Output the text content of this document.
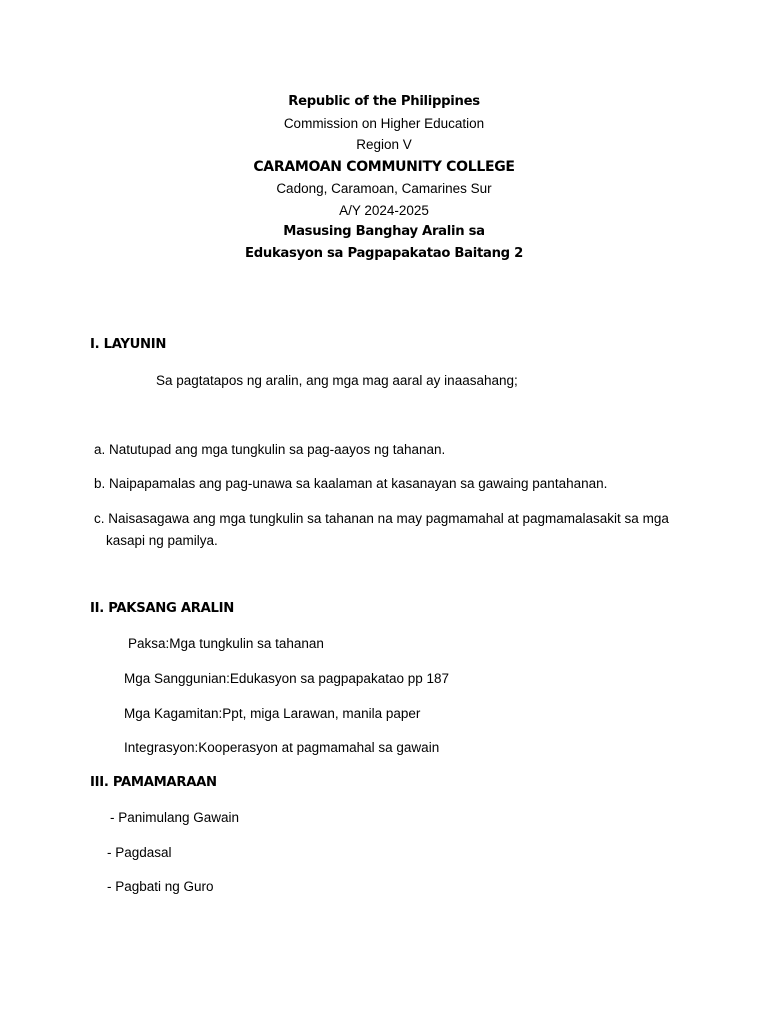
Republic of the Philippines
Commission on Higher Education
Region V
CARAMOAN COMMUNITY COLLEGE
Cadong, Caramoan, Camarines Sur
A/Y 2024-2025
Masusing Banghay Aralin sa
Edukasyon sa Pagpapakatao Baitang 2
I. LAYUNIN
Sa pagtatapos ng aralin, ang mga mag aaral ay inaasahang;
a. Natutupad ang mga tungkulin sa pag-aayos ng tahanan.
b. Naipapamalas ang pag-unawa sa kaalaman at kasanayan sa gawaing pantahanan.
c. Naisasagawa ang mga tungkulin sa tahanan na may pagmamahal at pagmamalasakit sa mga
kasapi ng pamilya.
II. PAKSANG ARALIN
Paksa:Mga tungkulin sa tahanan
Mga Sanggunian:Edukasyon sa pagpapakatao pp 187
Mga Kagamitan:Ppt, miga Larawan, manila paper
Integrasyon:Kooperasyon at pagmamahal sa gawain
III. PAMAMARAAN
- Panimulang Gawain
- Pagdasal
- Pagbati ng Guro
